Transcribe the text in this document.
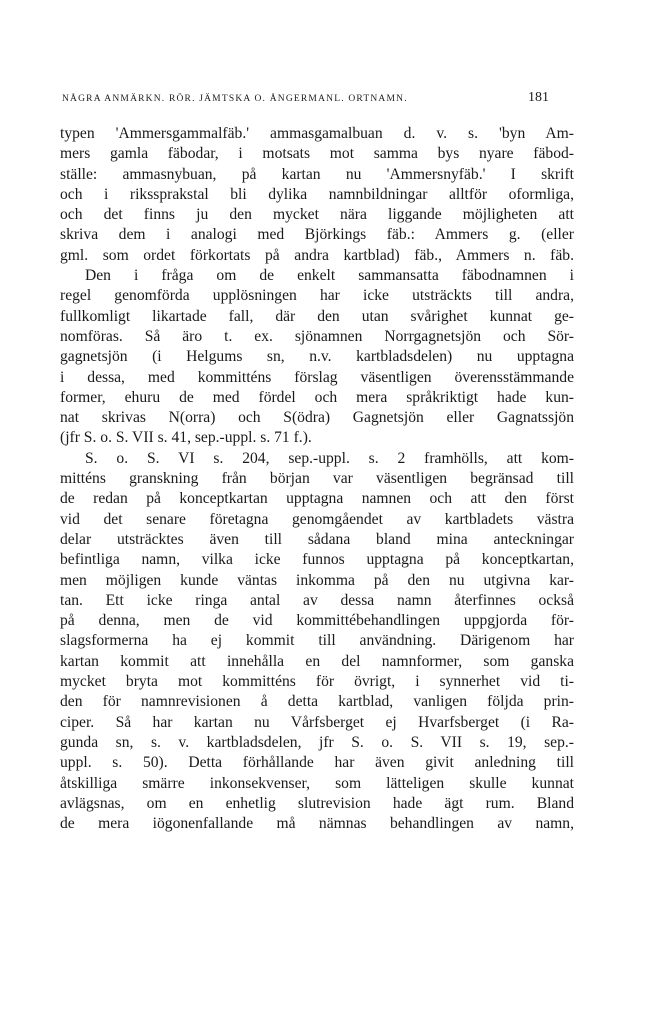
NÅGRA ANMÄRKN. RÖR. JÄMTSKA O. ÅNGERMANL. ORTNAMN.	181
typen 'Ammersgammalfäb.' ammasgamalbuan d. v. s. 'byn Am-
mers gamla fäbodar, i motsats mot samma bys nyare fäbod-
ställe: ammasnybuan, på kartan nu 'Ammersnyfäb.' I skrift
och i rikssprakstal bli dylika namnbildningar alltför oformliga,
och det finns ju den mycket nära liggande möjligheten att
skriva dem i analogi med Björkings fäb.: Ammers g. (eller
gml. som ordet förkortats på andra kartblad) fäb., Ammers n. fäb.
Den i fråga om de enkelt sammansatta fäbodnamnen i
regel genomförda upplösningen har icke utsträckts till andra,
fullkomligt likartade fall, där den utan svårighet kunnat ge-
nomföras. Så äro t. ex. sjönamnen Norrgagnetsjön och Sör-
gagnetsjön (i Helgums sn, n.v. kartbladsdelen) nu upptagna
i dessa, med kommitténs förslag väsentligen överensstämmande
former, ehuru de med fördel och mera språkriktigt hade kun-
nat skrivas N(orra) och S(ödra) Gagnetsjön eller Gagnatssjön
(jfr S. o. S. VII s. 41, sep.-uppl. s. 71 f.).
S. o. S. VI s. 204, sep.-uppl. s. 2 framhölls, att kom-
mitténs granskning från början var väsentligen begränsad till
de redan på konceptkartan upptagna namnen och att den först
vid det senare företagna genomgåendet av kartbladets västra
delar utsträcktes även till sådana bland mina anteckningar
befintliga namn, vilka icke funnos upptagna på konceptkartan,
men möjligen kunde väntas inkomma på den nu utgivna kar-
tan. Ett icke ringa antal av dessa namn återfinnes också
på denna, men de vid kommittébehandlingen uppgjorda för-
slagsformerna ha ej kommit till användning. Därigenom har
kartan kommit att innehålla en del namnformer, som ganska
mycket bryta mot kommitténs för övrigt, i synnerhet vid ti-
den för namnrevisionen å detta kartblad, vanligen följda prin-
ciper. Så har kartan nu Vårfsberget ej Hvarfsberget (i Ra-
gunda sn, s. v. kartbladsdelen, jfr S. o. S. VII s. 19, sep.-
uppl. s. 50). Detta förhållande har även givit anledning till
åtskilliga smärre inkonsekvenser, som lätteligen skulle kunnat
avlägsnas, om en enhetlig slutrevision hade ägt rum. Bland
de mera iögonenfallande må nämnas behandlingen av namn,
